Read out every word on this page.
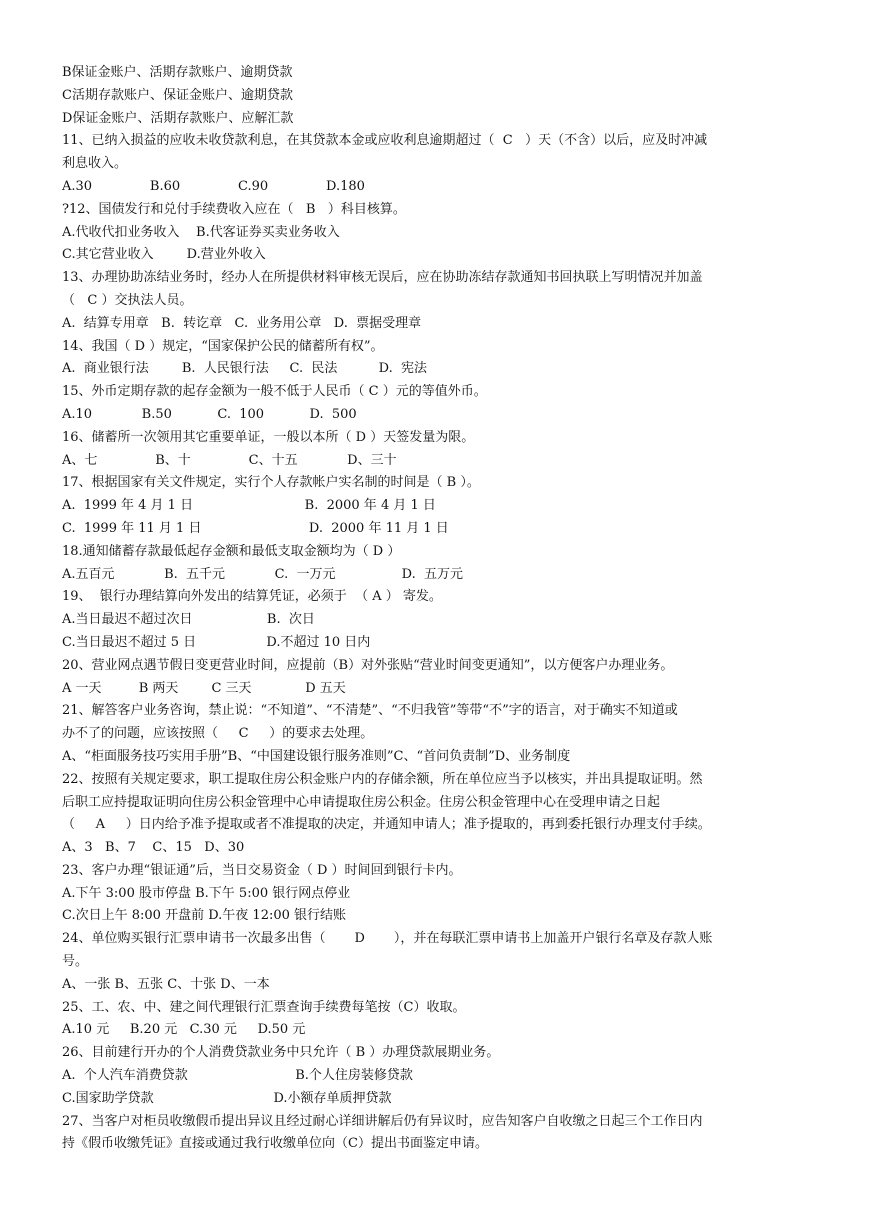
B保证金账户、活期存款账户、逾期贷款
C活期存款账户、保证金账户、逾期贷款
D保证金账户、活期存款账户、应解汇款
11、已纳入损益的应收未收贷款利息，在其贷款本金或应收利息逾期超过（  C   ）天（不含）以后，应及时冲减
利息收入。
A.30              B.60              C.90              D.180
?12、国债发行和兑付手续费收入应在（   B   ）科目核算。
A.代收代扣业务收入    B.代客证券买卖业务收入
C.其它营业收入        D.营业外收入
13、办理协助冻结业务时，经办人在所提供材料审核无误后，应在协助冻结存款通知书回执联上写明情况并加盖
（   C ）交执法人员。
A.  结算专用章   B.  转讫章   C.  业务用公章   D.  票据受理章
14、我国（ D ）规定，“国家保护公民的储蓄所有权”。
A.  商业银行法        B.  人民银行法     C.  民法          D.  宪法
15、外币定期存款的起存金额为一般不低于人民币（ C ）元的等值外币。
A.10            B.50           C.  100           D.  500
16、储蓄所一次领用其它重要单证，一般以本所（ D ）天签发量为限。
A、七              B、十              C、十五            D、三十
17、根据国家有关文件规定，实行个人存款帐户实名制的时间是（ B ）。
A.  1999 年 4 月 1 日                           B.  2000 年 4 月 1 日
C.  1999 年 11 月 1 日                          D.  2000 年 11 月 1 日
18.通知储蓄存款最低起存金额和最低支取金额均为（ D ）
A.五百元            B.  五千元            C.  一万元                D.  五万元
19、  银行办理结算向外发出的结算凭证，必须于  （ A ） 寄发。
A.当日最迟不超过次日                  B.  次日
C.当日最迟不超过 5 日                 D.不超过 10 日内
20、营业网点遇节假日变更营业时间，应提前（B）对外张贴“营业时间变更通知”，以方便客户办理业务。
A 一天         B 两天        C 三天             D 五天
21、解答客户业务咨询，禁止说：“不知道”、“不清楚”、“不归我管”等带“不”字的语言，对于确实不知道或
办不了的问题，应该按照（     C     ）的要求去处理。
A、“柜面服务技巧实用手册”B、“中国建设银行服务准则”C、“首问负责制”D、业务制度
22、按照有关规定要求，职工提取住房公积金账户内的存储余额，所在单位应当予以核实，并出具提取证明。然
后职工应持提取证明向住房公积金管理中心申请提取住房公积金。住房公积金管理中心在受理申请之日起
（     A     ）日内给予准予提取或者不准提取的决定，并通知申请人；准予提取的，再到委托银行办理支付手续。
A、3   B、7    C、15   D、30
23、客户办理“银证通”后，当日交易资金（ D ）时间回到银行卡内。
A.下午 3:00 股市停盘 B.下午 5:00 银行网点停业
C.次日上午 8:00 开盘前 D.午夜 12:00 银行结账
24、单位购买银行汇票申请书一次最多出售（       D       ），并在每联汇票申请书上加盖开户银行名章及存款人账
号。
A、一张 B、五张 C、十张 D、一本
25、工、农、中、建之间代理银行汇票查询手续费每笔按（C）收取。
A.10 元     B.20 元   C.30 元     D.50 元
26、目前建行开办的个人消费贷款业务中只允许（ B ）办理贷款展期业务。
A.  个人汽车消费贷款                          B.个人住房装修贷款
C.国家助学贷款                             D.小额存单质押贷款
27、当客户对柜员收缴假币提出异议且经过耐心详细讲解后仍有异议时，应告知客户自收缴之日起三个工作日内
持《假币收缴凭证》直接或通过我行收缴单位向（C）提出书面鉴定申请。
